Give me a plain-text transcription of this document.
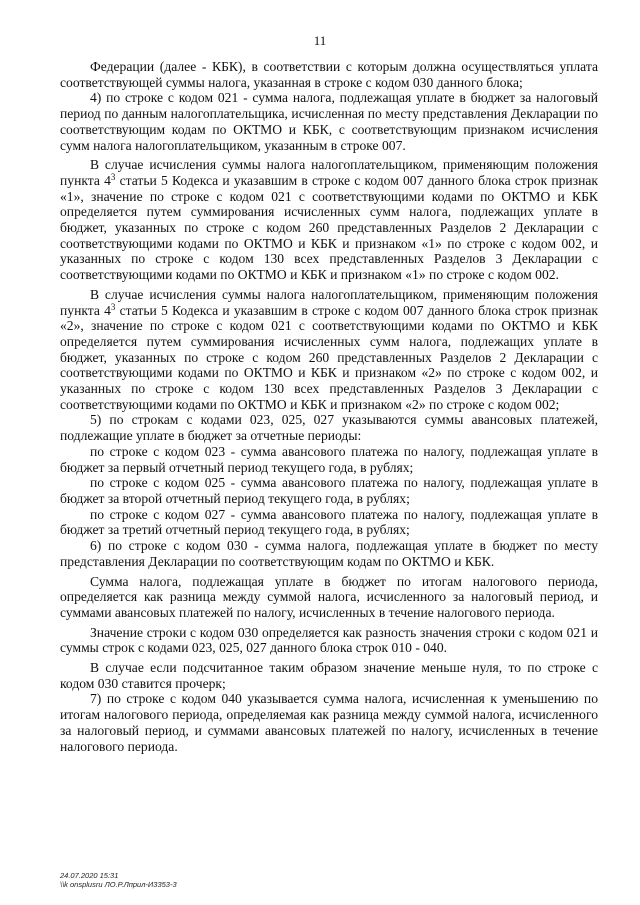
11

Федерации (далее - КБК), в соответствии с которым должна осуществляться уплата соответствующей суммы налога, указанная в строке с кодом 030 данного блока;

4) по строке с кодом 021 - сумма налога, подлежащая уплате в бюджет за налоговый период по данным налогоплательщика, исчисленная по месту представления Декларации по соответствующим кодам по ОКТМО и КБК, с соответствующим признаком исчисления сумм налога налогоплательщиком, указанным в строке 007.

В случае исчисления суммы налога налогоплательщиком, применяющим положения пункта $4^3$ статьи 5 Кодекса и указавшим в строке с кодом 007 данного блока строк признак «1», значение по строке с кодом 021 с соответствующими кодами по ОКТМО и КБК определяется путем суммирования исчисленных сумм налога, подлежащих уплате в бюджет, указанных по строке с кодом 260 представленных Разделов 2 Декларации с соответствующими кодами по ОКТМО и КБК и признаком «1» по строке с кодом 002, и указанных по строке с кодом 130 всех представленных Разделов 3 Декларации с соответствующими кодами по ОКТМО и КБК и признаком «1» по строке с кодом 002.

В случае исчисления суммы налога налогоплательщиком, применяющим положения пункта $4^3$ статьи 5 Кодекса и указавшим в строке с кодом 007 данного блока строк признак «2», значение по строке с кодом 021 с соответствующими кодами по ОКТМО и КБК определяется путем суммирования исчисленных сумм налога, подлежащих уплате в бюджет, указанных по строке с кодом 260 представленных Разделов 2 Декларации с соответствующими кодами по ОКТМО и КБК и признаком «2» по строке с кодом 002, и указанных по строке с кодом 130 всех представленных Разделов 3 Декларации с соответствующими кодами по ОКТМО и КБК и признаком «2» по строке с кодом 002;

5) по строкам с кодами 023, 025, 027 указываются суммы авансовых платежей, подлежащие уплате в бюджет за отчетные периоды:

по строке с кодом 023 - сумма авансового платежа по налогу, подлежащая уплате в бюджет за первый отчетный период текущего года, в рублях;

по строке с кодом 025 - сумма авансового платежа по налогу, подлежащая уплате в бюджет за второй отчетный период текущего года, в рублях;

по строке с кодом 027 - сумма авансового платежа по налогу, подлежащая уплате в бюджет за третий отчетный период текущего года, в рублях;

6) по строке с кодом 030 - сумма налога, подлежащая уплате в бюджет по месту представления Декларации по соответствующим кодам по ОКТМО и КБК.

Сумма налога, подлежащая уплате в бюджет по итогам налогового периода, определяется как разница между суммой налога, исчисленного за налоговый период, и суммами авансовых платежей по налогу, исчисленных в течение налогового периода.

Значение строки с кодом 030 определяется как разность значения строки с кодом 021 и суммы строк с кодами 023, 025, 027 данного блока строк 010 - 040.

В случае если подсчитанное таким образом значение меньше нуля, то по строке с кодом 030 ставится прочерк;

7) по строке с кодом 040 указывается сумма налога, исчисленная к уменьшению по итогам налогового периода, определяемая как разница между суммой налога, исчисленного за налоговый период, и суммами авансовых платежей по налогу, исчисленных в течение налогового периода.

24.07.2020 15:31
\\k onsplusru ЛО.Р.Лприл-И3353-3
